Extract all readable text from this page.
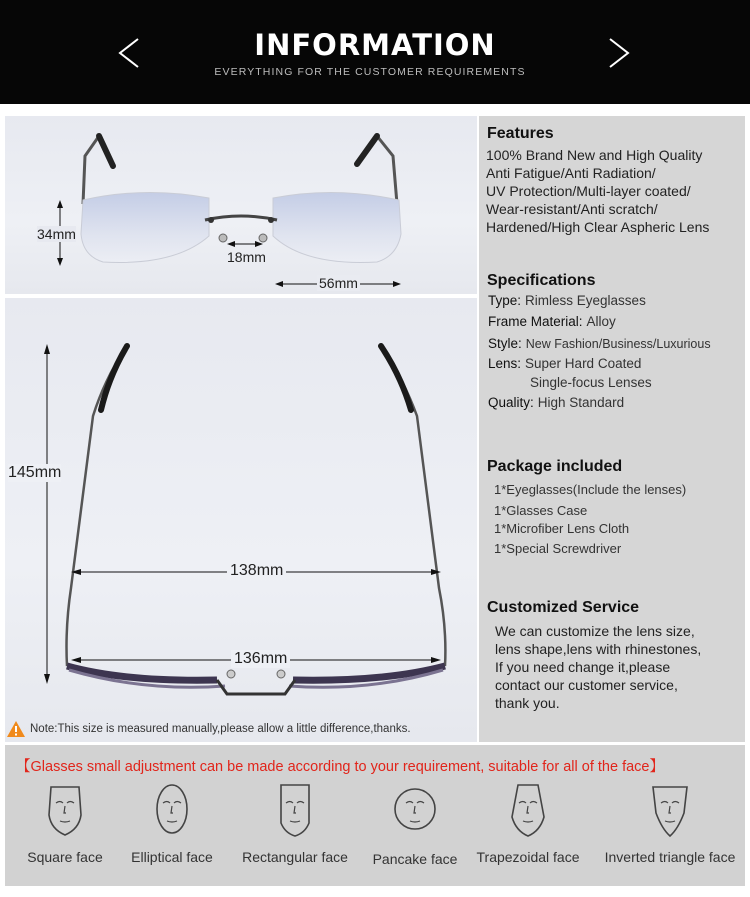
INFORMATION
EVERYTHING FOR THE CUSTOMER REQUIREMENTS
34mm
18mm
56mm
145mm
138mm
136mm
Note:This size is measured manually,please allow a little difference,thanks.
Features

100% Brand New and High Quality

Anti Fatigue/Anti Radiation/

UV Protection/Multi-layer coated/

Wear-resistant/Anti scratch/

Hardened/High Clear Aspheric Lens

Specifications
Type: Rimless Eyeglasses
Frame Material: Alloy
Style: New Fashion/Business/Luxurious
Lens: Super Hard Coated
Single-focus Lenses
Quality: High Standard
Package included
1*Eyeglasses(Include the lenses)
1*Glasses Case
1*Microfiber Lens Cloth
1*Special Screwdriver
Customized Service
We can customize the lens size,
lens shape,lens with rhinestones,
If you need change it,please
contact our customer service,
thank you.
【Glasses small adjustment can be made according to your requirement, suitable for all of the face】
Square face	Elliptical face	Rectangular face	Pancake face	Trapezoidal face	Inverted triangle face
